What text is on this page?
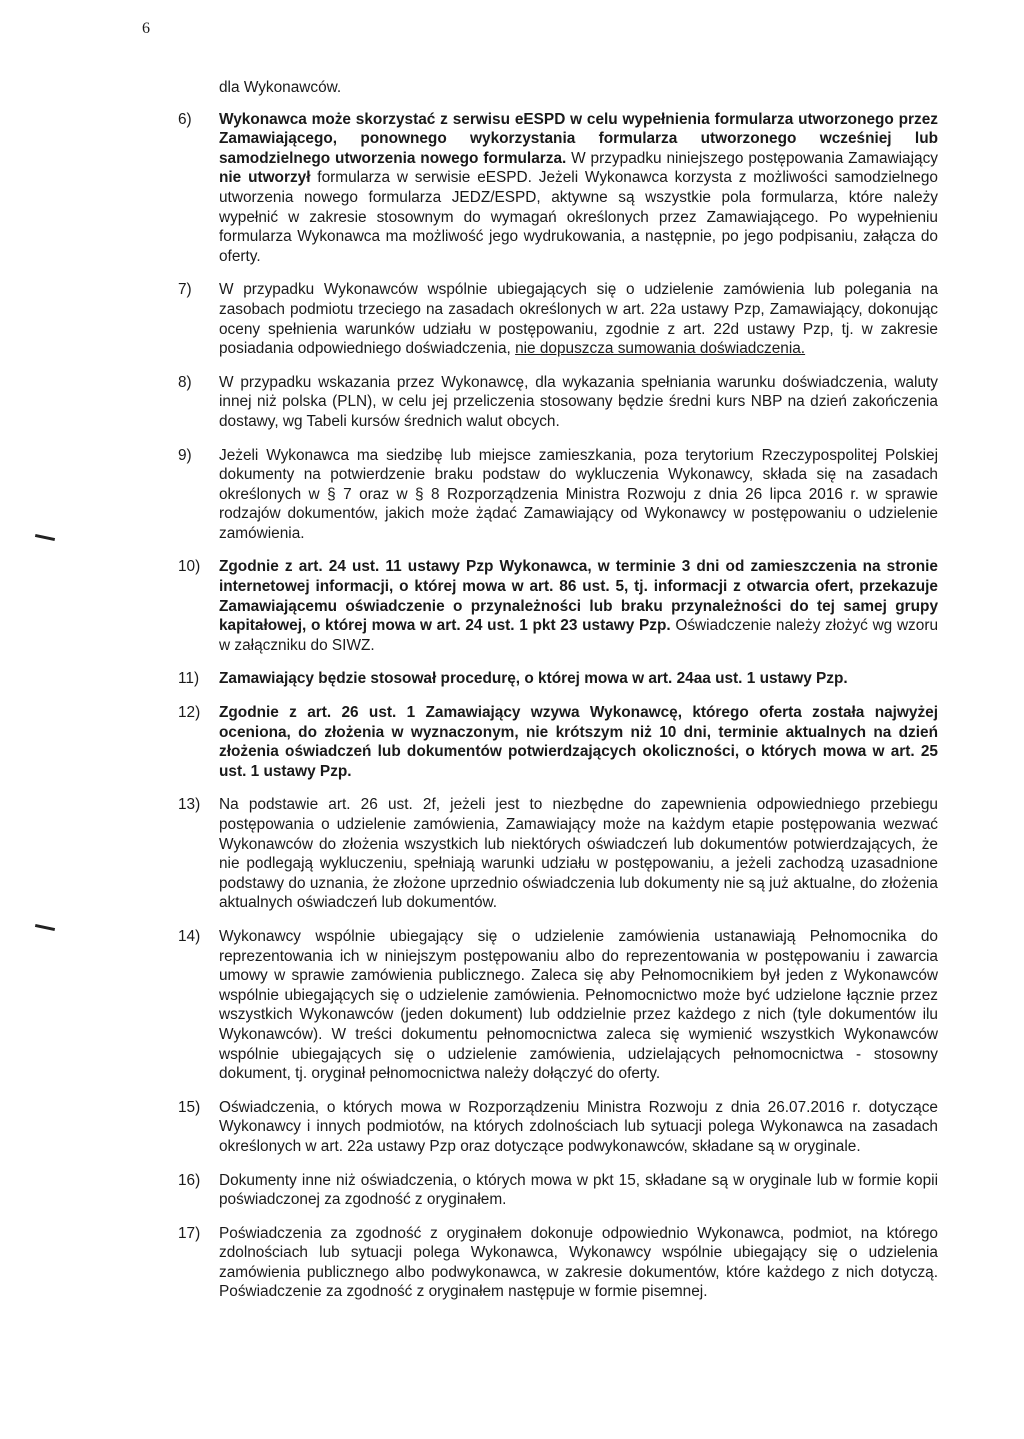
6
dla Wykonawców.
6)	Wykonawca może skorzystać z serwisu eESPD w celu wypełnienia formularza utworzonego przez Zamawiającego, ponownego wykorzystania formularza utworzonego wcześniej lub samodzielnego utworzenia nowego formularza. W przypadku niniejszego postępowania Zamawiający nie utworzył formularza w serwisie eESPD. Jeżeli Wykonawca korzysta z możliwości samodzielnego utworzenia nowego formularza JEDZ/ESPD, aktywne są wszystkie pola formularza, które należy wypełnić w zakresie stosownym do wymagań określonych przez Zamawiającego. Po wypełnieniu formularza Wykonawca ma możliwość jego wydrukowania, a następnie, po jego podpisaniu, załącza do oferty.
7)	W przypadku Wykonawców wspólnie ubiegających się o udzielenie zamówienia lub polegania na zasobach podmiotu trzeciego na zasadach określonych w art. 22a ustawy Pzp, Zamawiający, dokonując oceny spełnienia warunków udziału w postępowaniu, zgodnie z art. 22d ustawy Pzp, tj. w zakresie posiadania odpowiedniego doświadczenia, nie dopuszcza sumowania doświadczenia.
8)	W przypadku wskazania przez Wykonawcę, dla wykazania spełniania warunku doświadczenia, waluty innej niż polska (PLN), w celu jej przeliczenia stosowany będzie średni kurs NBP na dzień zakończenia dostawy, wg Tabeli kursów średnich walut obcych.
9)	Jeżeli Wykonawca ma siedzibę lub miejsce zamieszkania, poza terytorium Rzeczypospolitej Polskiej dokumenty na potwierdzenie braku podstaw do wykluczenia Wykonawcy, składa się na zasadach określonych w § 7 oraz w § 8 Rozporządzenia Ministra Rozwoju z dnia 26 lipca 2016 r. w sprawie rodzajów dokumentów, jakich może żądać Zamawiający od Wykonawcy w postępowaniu o udzielenie zamówienia.
10)	Zgodnie z art. 24 ust. 11 ustawy Pzp Wykonawca, w terminie 3 dni od zamieszczenia na stronie internetowej informacji, o której mowa w art. 86 ust. 5, tj. informacji z otwarcia ofert, przekazuje Zamawiającemu oświadczenie o przynależności lub braku przynależności do tej samej grupy kapitałowej, o której mowa w art. 24 ust. 1 pkt 23 ustawy Pzp. Oświadczenie należy złożyć wg wzoru w załączniku do SIWZ.
11)	Zamawiający będzie stosował procedurę, o której mowa w art. 24aa ust. 1 ustawy Pzp.
12)	Zgodnie z art. 26 ust. 1 Zamawiający wzywa Wykonawcę, którego oferta została najwyżej oceniona, do złożenia w wyznaczonym, nie krótszym niż 10 dni, terminie aktualnych na dzień złożenia oświadczeń lub dokumentów potwierdzających okoliczności, o których mowa w art. 25 ust. 1 ustawy Pzp.
13)	Na podstawie art. 26 ust. 2f, jeżeli jest to niezbędne do zapewnienia odpowiedniego przebiegu postępowania o udzielenie zamówienia, Zamawiający może na każdym etapie postępowania wezwać Wykonawców do złożenia wszystkich lub niektórych oświadczeń lub dokumentów potwierdzających, że nie podlegają wykluczeniu, spełniają warunki udziału w postępowaniu, a jeżeli zachodzą uzasadnione podstawy do uznania, że złożone uprzednio oświadczenia lub dokumenty nie są już aktualne, do złożenia aktualnych oświadczeń lub dokumentów.
14)	Wykonawcy wspólnie ubiegający się o udzielenie zamówienia ustanawiają Pełnomocnika do reprezentowania ich w niniejszym postępowaniu albo do reprezentowania w postępowaniu i zawarcia umowy w sprawie zamówienia publicznego. Zaleca się aby Pełnomocnikiem był jeden z Wykonawców wspólnie ubiegających się o udzielenie zamówienia. Pełnomocnictwo może być udzielone łącznie przez wszystkich Wykonawców (jeden dokument) lub oddzielnie przez każdego z nich (tyle dokumentów ilu Wykonawców). W treści dokumentu pełnomocnictwa zaleca się wymienić wszystkich Wykonawców wspólnie ubiegających się o udzielenie zamówienia, udzielających pełnomocnictwa - stosowny dokument, tj. oryginał pełnomocnictwa należy dołączyć do oferty.
15)	Oświadczenia, o których mowa w Rozporządzeniu Ministra Rozwoju z dnia 26.07.2016 r. dotyczące Wykonawcy i innych podmiotów, na których zdolnościach lub sytuacji polega Wykonawca na zasadach określonych w art. 22a ustawy Pzp oraz dotyczące podwykonawców, składane są w oryginale.
16)	Dokumenty inne niż oświadczenia, o których mowa w pkt 15, składane są w oryginale lub w formie kopii poświadczonej za zgodność z oryginałem.
17)	Poświadczenia za zgodność z oryginałem dokonuje odpowiednio Wykonawca, podmiot, na którego zdolnościach lub sytuacji polega Wykonawca, Wykonawcy wspólnie ubiegający się o udzielenia zamówienia publicznego albo podwykonawca, w zakresie dokumentów, które każdego z nich dotyczą. Poświadczenie za zgodność z oryginałem następuje w formie pisemnej.
